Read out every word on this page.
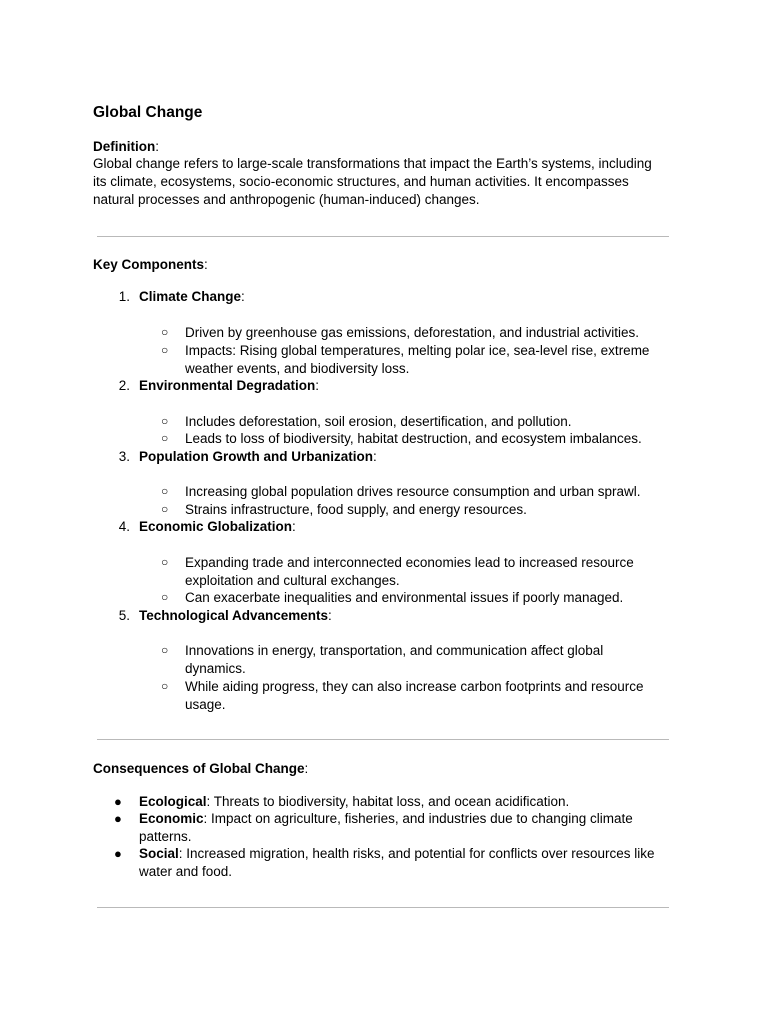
Global Change

Definition:

Global change refers to large-scale transformations that impact the Earth’s systems, including its climate, ecosystems, socio-economic structures, and human activities. It encompasses natural processes and anthropogenic (human-induced) changes.

Key Components:

1. Climate Change:
○ Driven by greenhouse gas emissions, deforestation, and industrial activities.
○ Impacts: Rising global temperatures, melting polar ice, sea-level rise, extreme weather events, and biodiversity loss.
2. Environmental Degradation:
○ Includes deforestation, soil erosion, desertification, and pollution.
○ Leads to loss of biodiversity, habitat destruction, and ecosystem imbalances.
3. Population Growth and Urbanization:
○ Increasing global population drives resource consumption and urban sprawl.
○ Strains infrastructure, food supply, and energy resources.
4. Economic Globalization:
○ Expanding trade and interconnected economies lead to increased resource exploitation and cultural exchanges.
○ Can exacerbate inequalities and environmental issues if poorly managed.
5. Technological Advancements:
○ Innovations in energy, transportation, and communication affect global dynamics.
○ While aiding progress, they can also increase carbon footprints and resource usage.

Consequences of Global Change:

● Ecological: Threats to biodiversity, habitat loss, and ocean acidification.
● Economic: Impact on agriculture, fisheries, and industries due to changing climate patterns.
● Social: Increased migration, health risks, and potential for conflicts over resources like water and food.
